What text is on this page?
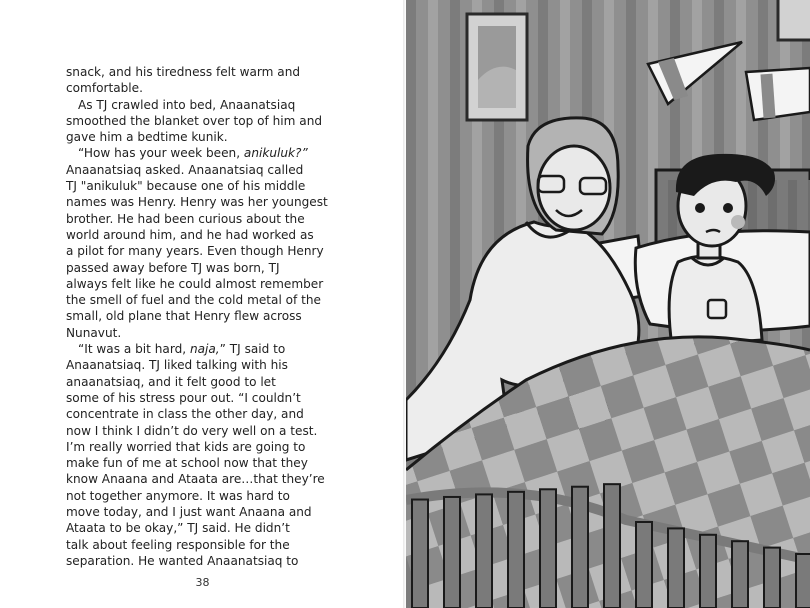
snack, and his tiredness felt warm and

comfortable.

As TJ crawled into bed, Anaanatsiaq

smoothed the blanket over top of him and

gave him a bedtime kunik.

“How has your week been, anikuluk?”

Anaanatsiaq asked. Anaanatsiaq called

TJ "anikuluk" because one of his middle

names was Henry. Henry was her youngest

brother. He had been curious about the

world around him, and he had worked as

a pilot for many years. Even though Henry

passed away before TJ was born, TJ

always felt like he could almost remember

the smell of fuel and the cold metal of the

small, old plane that Henry flew across

Nunavut.

“It was a bit hard, naja,” TJ said to

Anaanatsiaq. TJ liked talking with his

anaanatsiaq, and it felt good to let

some of his stress pour out. “I couldn’t

concentrate in class the other day, and

now I think I didn’t do very well on a test.

I’m really worried that kids are going to

make fun of me at school now that they

know Anaana and Ataata are…that they’re

not together anymore. It was hard to

move today, and I just want Anaana and

Ataata to be okay,” TJ said. He didn’t

talk about feeling responsible for the

separation. He wanted Anaanatsiaq to

38
